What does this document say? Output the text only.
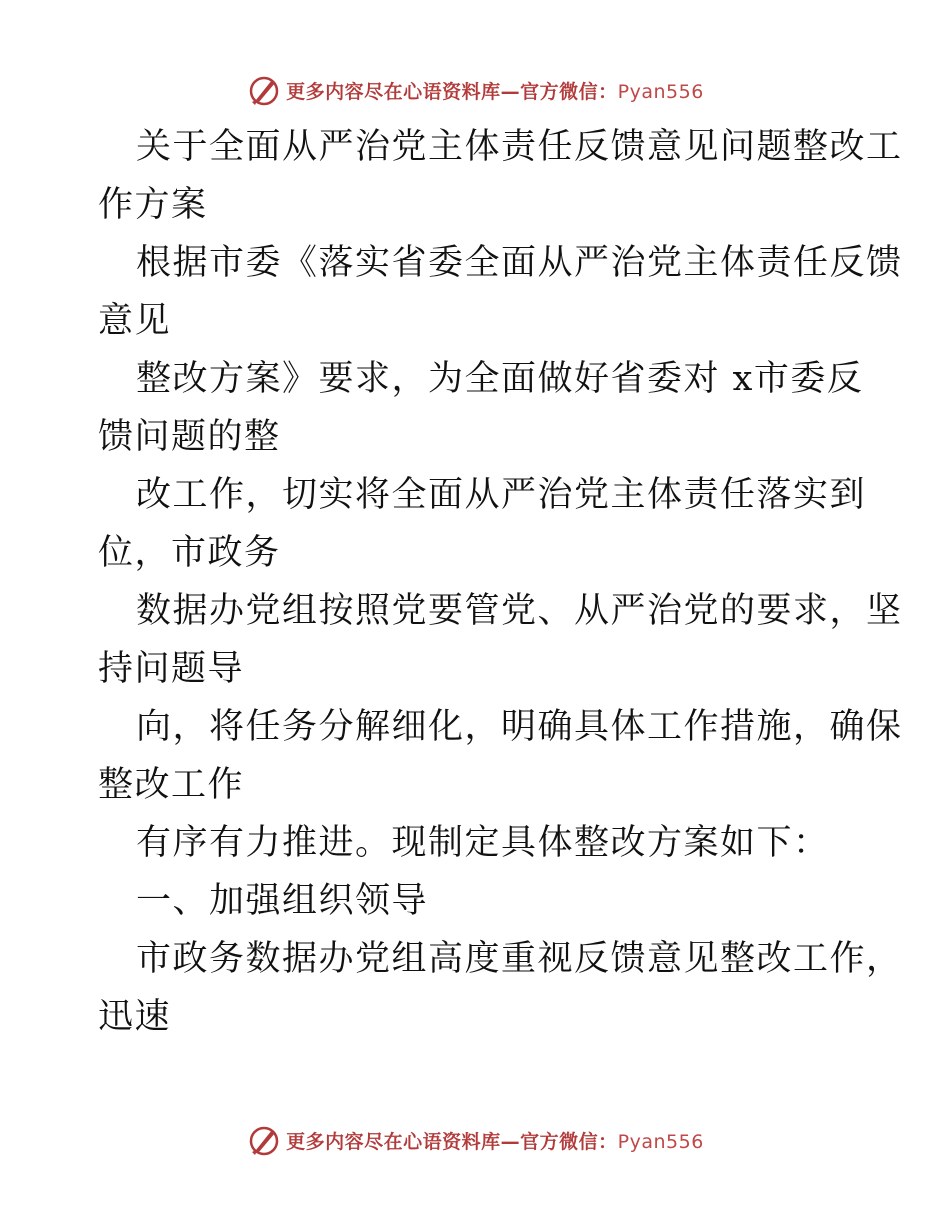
更多内容尽在心语资料库—官方微信：Pyan556

关于全面从严治党主体责任反馈意见问题整改工

作方案

根据市委《落实省委全面从严治党主体责任反馈

意见

整改方案》要求，为全面做好省委对 x市委反

馈问题的整

改工作，切实将全面从严治党主体责任落实到

位，市政务

数据办党组按照党要管党、从严治党的要求，坚

持问题导

向，将任务分解细化，明确具体工作措施，确保

整改工作

有序有力推进。现制定具体整改方案如下：

一、加强组织领导

市政务数据办党组高度重视反馈意见整改工作，

迅速

更多内容尽在心语资料库—官方微信：Pyan556
